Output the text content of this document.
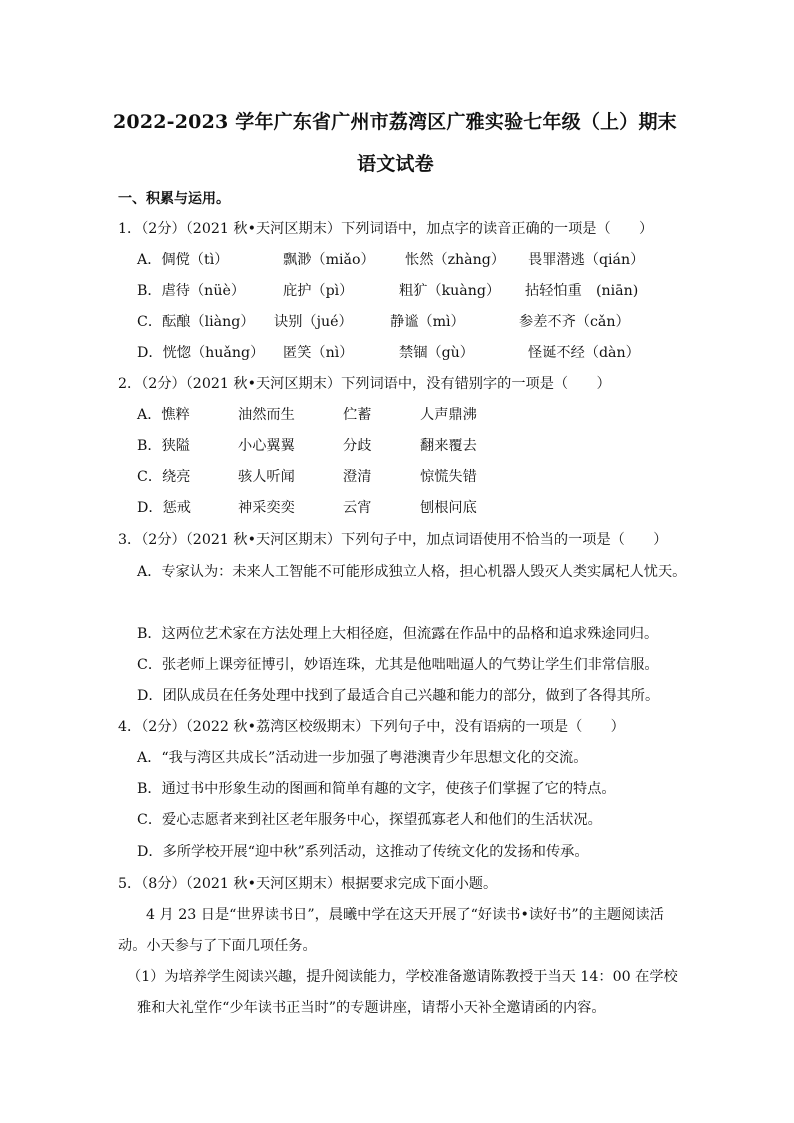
2022-2023 学年广东省广州市荔湾区广雅实验七年级（上）期末
语文试卷
一、积累与运用。
1．（2分）（2021 秋•天河区期末）下列词语中，加点字的读音正确的一项是（　　）
A．倜傥（tì）	飘渺（miǎo） 怅然（zhàng） 畏罪潜逃（qián）
B．虐待（nüè）	庇护（pì）	粗犷（kuàng） 拈轻怕重　(niān)
C．酝酿（liàng） 诀别（jué）	静谧（mì）	参差不齐（cǎn）
D．恍惚（huǎng） 匿笑（nì）	禁锢（gù）	怪诞不经（dàn）
2．（2分）（2021 秋•天河区期末）下列词语中，没有错别字的一项是（　　）
A．憔粹	油然而生	伫蓄	人声鼎沸
B．狭隘	小心翼翼	分歧	翻来覆去
C．绕亮	骇人听闻	澄清	惊慌失错
D．惩戒	神采奕奕	云宵	刨根问底
3．（2分）（2021 秋•天河区期末）下列句子中，加点词语使用不恰当的一项是（　　）
A．专家认为：未来人工智能不可能形成独立人格，担心机器人毁灭人类实属杞人忧天。
B．这两位艺术家在方法处理上大相径庭，但流露在作品中的品格和追求殊途同归。
C．张老师上课旁征博引，妙语连珠，尤其是他咄咄逼人的气势让学生们非常信服。
D．团队成员在任务处理中找到了最适合自己兴趣和能力的部分，做到了各得其所。
4．（2分）（2022 秋•荔湾区校级期末）下列句子中，没有语病的一项是（　　）
A．“我与湾区共成长”活动进一步加强了粤港澳青少年思想文化的交流。
B．通过书中形象生动的图画和简单有趣的文字，使孩子们掌握了它的特点。
C．爱心志愿者来到社区老年服务中心，探望孤寡老人和他们的生活状况。
D．多所学校开展“迎中秋”系列活动，这推动了传统文化的发扬和传承。
5．（8分）（2021 秋•天河区期末）根据要求完成下面小题。
4 月 23 日是“世界读书日”，晨曦中学在这天开展了“好读书•读好书”的主题阅读活
动。小天参与了下面几项任务。
（1）为培养学生阅读兴趣，提升阅读能力，学校准备邀请陈教授于当天 14：00 在学校
雅和大礼堂作“少年读书正当时”的专题讲座，请帮小天补全邀请函的内容。
